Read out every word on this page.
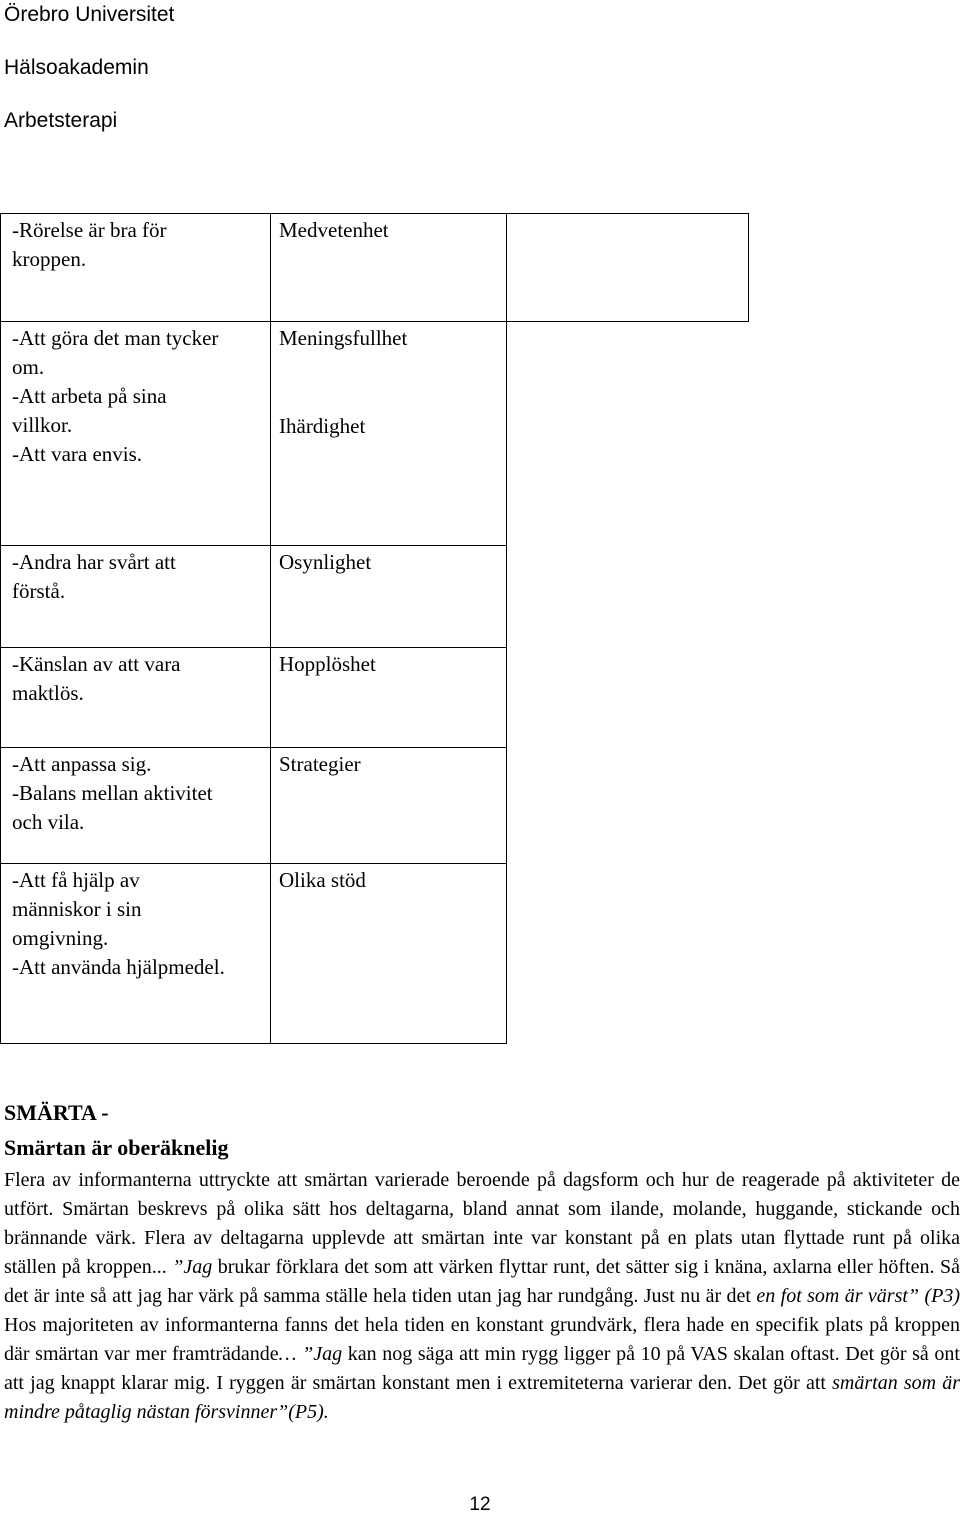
Örebro Universitet
Hälsoakademin
Arbetsterapi
-Rörelse är bra för
kroppen.	Medvetenhet	

-Att göra det man tycker
om.
-Att arbeta på sina
villkor.
-Att vara envis.	Meningsfullhet
Ihärdighet	

-Andra har svårt att
förstå.	Osynlighet	

-Känslan av att vara
maktlös.	Hopplöshet	

-Att anpassa sig.
-Balans mellan aktivitet
och vila.	Strategier	

-Att få hjälp av
människor i sin
omgivning.
-Att använda hjälpmedel.	Olika stöd	
SMÄRTA -
Smärtan är oberäknelig
Flera av informanterna uttryckte att smärtan varierade beroende på dagsform och hur de reagerade på aktiviteter de utfört. Smärtan beskrevs på olika sätt hos deltagarna, bland annat som ilande, molande, huggande, stickande och brännande värk. Flera av deltagarna upplevde att smärtan inte var konstant på en plats utan flyttade runt på olika ställen på kroppen... ”Jag brukar förklara det som att värken flyttar runt, det sätter sig i knäna, axlarna eller höften. Så det är inte så att jag har värk på samma ställe hela tiden utan jag har rundgång. Just nu är det en fot som är värst” (P3) Hos majoriteten av informanterna fanns det hela tiden en konstant grundvärk, flera hade en specifik plats på kroppen där smärtan var mer framträdande… ”Jag kan nog säga att min rygg ligger på 10 på VAS skalan oftast. Det gör så ont att jag knappt klarar mig. I ryggen är smärtan konstant men i extremiteterna varierar den. Det gör att smärtan som är mindre påtaglig nästan försvinner”(P5).
12
